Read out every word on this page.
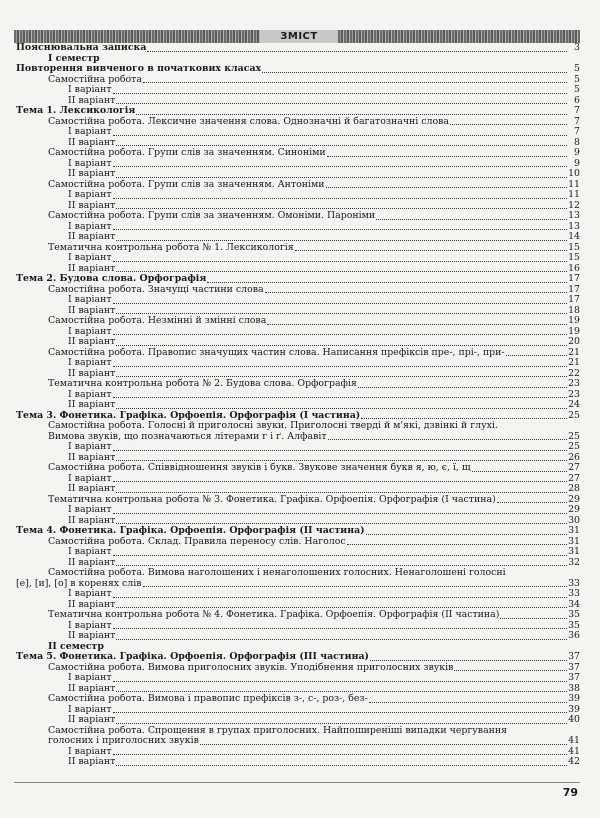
ЗМІСТ
Пояснювальна записка	3
I семестр
Повторення вивченого в початкових класах	5
Самостійна робота	5
I варіант	5
II варіант	6
Тема 1. Лексикологія	7
Самостійна робота. Лексичне значення слова. Однозначні й багатозначні слова	7
I варіант	7
II варіант	8
Самостійна робота. Групи слів за значенням. Синоніми	9
I варіант	9
II варіант	10
Самостійна робота. Групи слів за значенням. Антоніми	11
I варіант	11
II варіант	12
Самостійна робота. Групи слів за значенням. Омоніми. Пароніми	13
I варіант	13
II варіант	14
Тематична контрольна робота № 1. Лексикологія	15
I варіант	15
II варіант	16
Тема 2. Будова слова. Орфографія	17
Самостійна робота. Значущі частини слова	17
I варіант	17
II варіант	18
Самостійна робота. Незмінні й змінні слова	19
I варіант	19
II варіант	20
Самостійна робота. Правопис значущих частин слова. Написання префіксів пре-, прі-, при-	21
I варіант	21
II варіант	22
Тематична контрольна робота № 2. Будова слова. Орфографія	23
I варіант	23
II варіант	24
Тема 3. Фонетика. Графіка. Орфоепія. Орфографія (I частина)	25
Самостійна робота. Голосні й приголосні звуки. Приголосні тверді й м'які, дзвінкі й глухі.
Вимова звуків, що позначаються літерами г і ґ. Алфавіт	25
I варіант	25
II варіант	26
Самостійна робота. Співвідношення звуків і букв. Звукове значення букв я, ю, є, ї, щ	27
I варіант	27
II варіант	28
Тематична контрольна робота № 3. Фонетика. Графіка. Орфоепія. Орфографія (I частина)	29
I варіант	29
II варіант	30
Тема 4. Фонетика. Графіка. Орфоепія. Орфографія (II частина)	31
Самостійна робота. Склад. Правила переносу слів. Наголос	31
I варіант	31
II варіант	32
Самостійна робота. Вимова наголошених і ненаголошених голосних. Ненаголошені голосні
[е], [и], [о] в коренях слів	33
I варіант	33
II варіант	34
Тематична контрольна робота № 4. Фонетика. Графіка. Орфоепія. Орфографія (II частина)	35
I варіант	35
II варіант	36
II семестр
Тема 5. Фонетика. Графіка. Орфоепія. Орфографія (III частина)	37
Самостійна робота. Вимова приголосних звуків. Уподібнення приголосних звуків	37
I варіант	37
II варіант	38
Самостійна робота. Вимова і правопис префіксів з-, с-, роз-, без-	39
I варіант	39
II варіант	40
Самостійна робота. Спрощення в групах приголосних. Найпоширеніші випадки чергування
голосних і приголосних звуків	41
I варіант	41
II варіант	42
79
